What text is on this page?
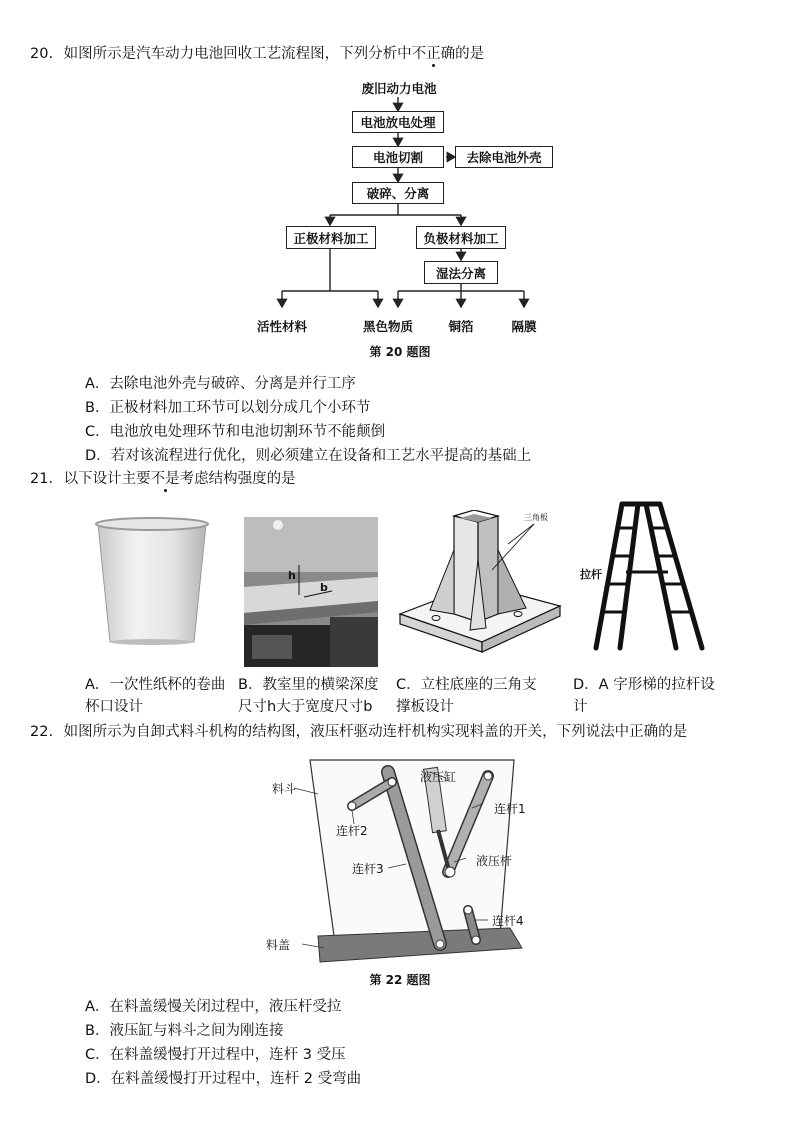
20. 如图所示是汽车动力电池回收工艺流程图，下列分析中不正确的是
废旧动力电池
电池放电处理
电池切割	去除电池外壳
破碎、分离
正极材料加工	负极材料加工
湿法分离
活性材料	黑色物质	铜箔	隔膜
第 20 题图
A．去除电池外壳与破碎、分离是并行工序
B．正极材料加工环节可以划分成几个小环节
C．电池放电处理环节和电池切割环节不能颠倒
D．若对该流程进行优化，则必须建立在设备和工艺水平提高的基础上
21. 以下设计主要不是考虑结构强度的是
h
b
三角板
拉杆
A．一次性纸杯的卷曲杯口设计
B．教室里的横梁深度尺寸h大于宽度尺寸b
C．立柱底座的三角支撑板设计
D．A 字形梯的拉杆设计
22. 如图所示为自卸式料斗机构的结构图，液压杆驱动连杆机构实现料盖的开关，下列说法中正确的是
料斗
液压缸
连杆1
连杆2
液压杆
连杆3
连杆4
料盖
第 22 题图
A．在料盖缓慢关闭过程中，液压杆受拉
B．液压缸与料斗之间为刚连接
C．在料盖缓慢打开过程中，连杆 3 受压
D．在料盖缓慢打开过程中，连杆 2 受弯曲
